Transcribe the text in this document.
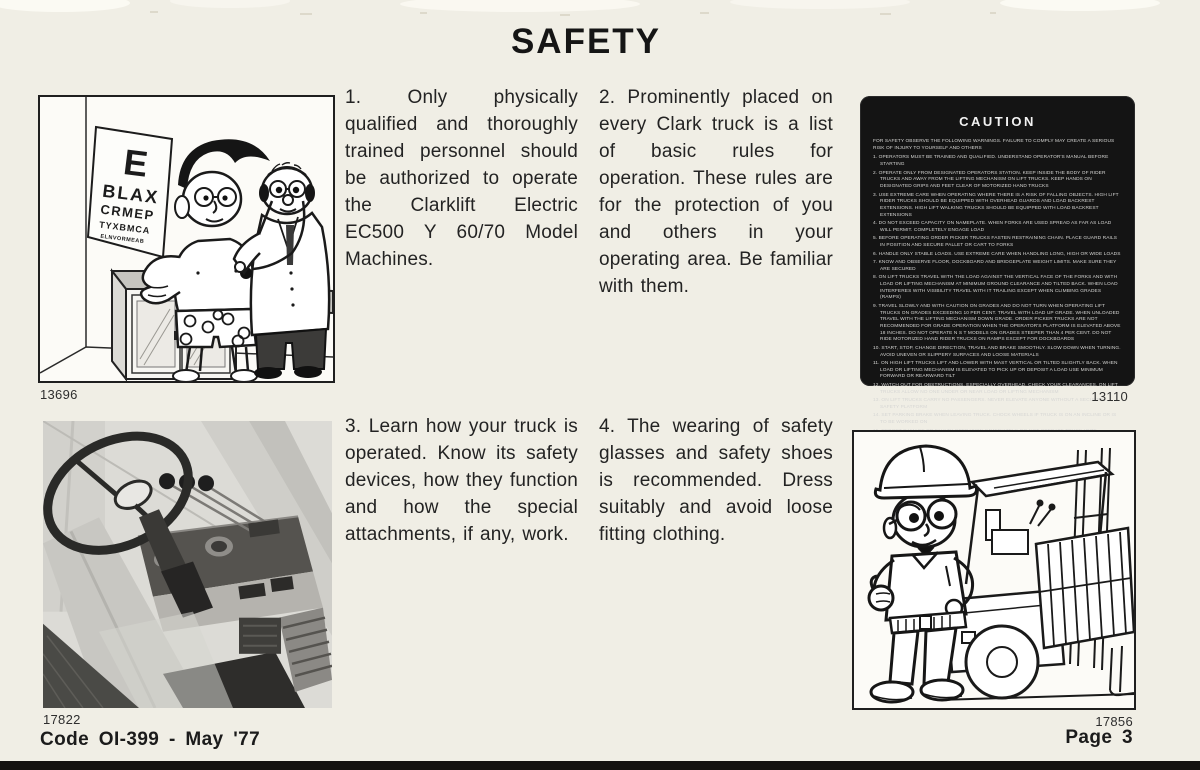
SAFETY
E
BLAX
CRMEP
TYXBMCA
ELNVORMEAB
13696
1. Only physically qualified and thoroughly trained personnel should be authorized to operate the Clarklift Electric EC500 Y 60/70 Model Machines.
2. Prominently placed on every Clark truck is a list of basic rules for operation. These rules are for the protection of you and others in your operating area. Be familiar with them.
CAUTION
FOR SAFETY OBSERVE THE FOLLOWING WARNINGS. FAILURE TO COMPLY MAY CREATE A SERIOUS RISK OF INJURY TO YOURSELF AND OTHERS
1. OPERATORS MUST BE TRAINED AND QUALIFIED. UNDERSTAND OPERATOR'S MANUAL BEFORE STARTING
2. OPERATE ONLY FROM DESIGNATED OPERATORS STATION. KEEP INSIDE THE BODY OF RIDER TRUCKS AND AWAY FROM THE LIFTING MECHANISM ON LIFT TRUCKS. KEEP HANDS ON DESIGNATED GRIPS AND FEET CLEAR OF MOTORIZED HAND TRUCKS
3. USE EXTREME CARE WHEN OPERATING WHERE THERE IS A RISK OF FALLING OBJECTS. HIGH LIFT RIDER TRUCKS SHOULD BE EQUIPPED WITH OVERHEAD GUARDS AND LOAD BACKREST EXTENSIONS. HIGH LIFT WALKING TRUCKS SHOULD BE EQUIPPED WITH LOAD BACKREST EXTENSIONS
4. DO NOT EXCEED CAPACITY ON NAMEPLATE. WHEN FORKS ARE USED SPREAD AS FAR AS LOAD WILL PERMIT. COMPLETELY ENGAGE LOAD
5. BEFORE OPERATING ORDER PICKER TRUCKS FASTEN RESTRAINING CHAIN. PLACE GUARD RAILS IN POSITION AND SECURE PALLET OR CART TO FORKS
6. HANDLE ONLY STABLE LOADS. USE EXTREME CARE WHEN HANDLING LONG, HIGH OR WIDE LOADS
7. KNOW AND OBSERVE FLOOR, DOCKBOARD AND BRIDGEPLATE WEIGHT LIMITS. MAKE SURE THEY ARE SECURED
8. ON LIFT TRUCKS TRAVEL WITH THE LOAD AGAINST THE VERTICAL FACE OF THE FORKS AND WITH LOAD OR LIFTING MECHANISM AT MINIMUM GROUND CLEARANCE AND TILTED BACK. WHEN LOAD INTERFERES WITH VISIBILITY TRAVEL WITH IT TRAILING EXCEPT WHEN CLIMBING GRADES (RAMPS)
9. TRAVEL SLOWLY AND WITH CAUTION ON GRADES AND DO NOT TURN WHEN OPERATING LIFT TRUCKS ON GRADES EXCEEDING 10 PER CENT. TRAVEL WITH LOAD UP GRADE. WHEN UNLOADED TRAVEL WITH THE LIFTING MECHANISM DOWN GRADE. ORDER PICKER TRUCKS ARE NOT RECOMMENDED FOR GRADE OPERATION WHEN THE OPERATOR'S PLATFORM IS ELEVATED ABOVE 18 INCHES. DO NOT OPERATE N S T MODELS ON GRADES STEEPER THAN 4 PER CENT. DO NOT RIDE MOTORIZED HAND RIDER TRUCKS ON RAMPS EXCEPT FOR DOCKBOARDS
10. START, STOP, CHANGE DIRECTION, TRAVEL AND BRAKE SMOOTHLY. SLOW DOWN WHEN TURNING. AVOID UNEVEN OR SLIPPERY SURFACES AND LOOSE MATERIALS
11. ON HIGH LIFT TRUCKS LIFT AND LOWER WITH MAST VERTICAL OR TILTED SLIGHTLY BACK. WHEN LOAD OR LIFTING MECHANISM IS ELEVATED TO PICK UP OR DEPOSIT A LOAD USE MINIMUM FORWARD OR REARWARD TILT
12. WATCH OUT FOR OBSTRUCTIONS, ESPECIALLY OVERHEAD. CHECK YOUR CLEARANCES. ON LIFT TRUCKS ALLOW NO ONE UNDER OR NEAR LOAD OR LIFTING MECHANISM
13. ON LIFT TRUCKS CARRY NO PASSENGERS. NEVER ELEVATE ANYONE WITHOUT A SECURED SAFETY PLATFORM
14. SET PARKING BRAKE WHEN LEAVING TRUCK. CHOCK WHEELS IF TRUCK IS ON AN INCLINE OR IS TO BE WORKED ON
13110
17822
3. Learn how your truck is operated. Know its safety devices, how they function and how the special attachments, if any, work.
4. The wearing of safety glasses and safety shoes is recommended. Dress suitably and avoid loose fitting clothing.
17856
Code OI-399 - May '77	Page 3
